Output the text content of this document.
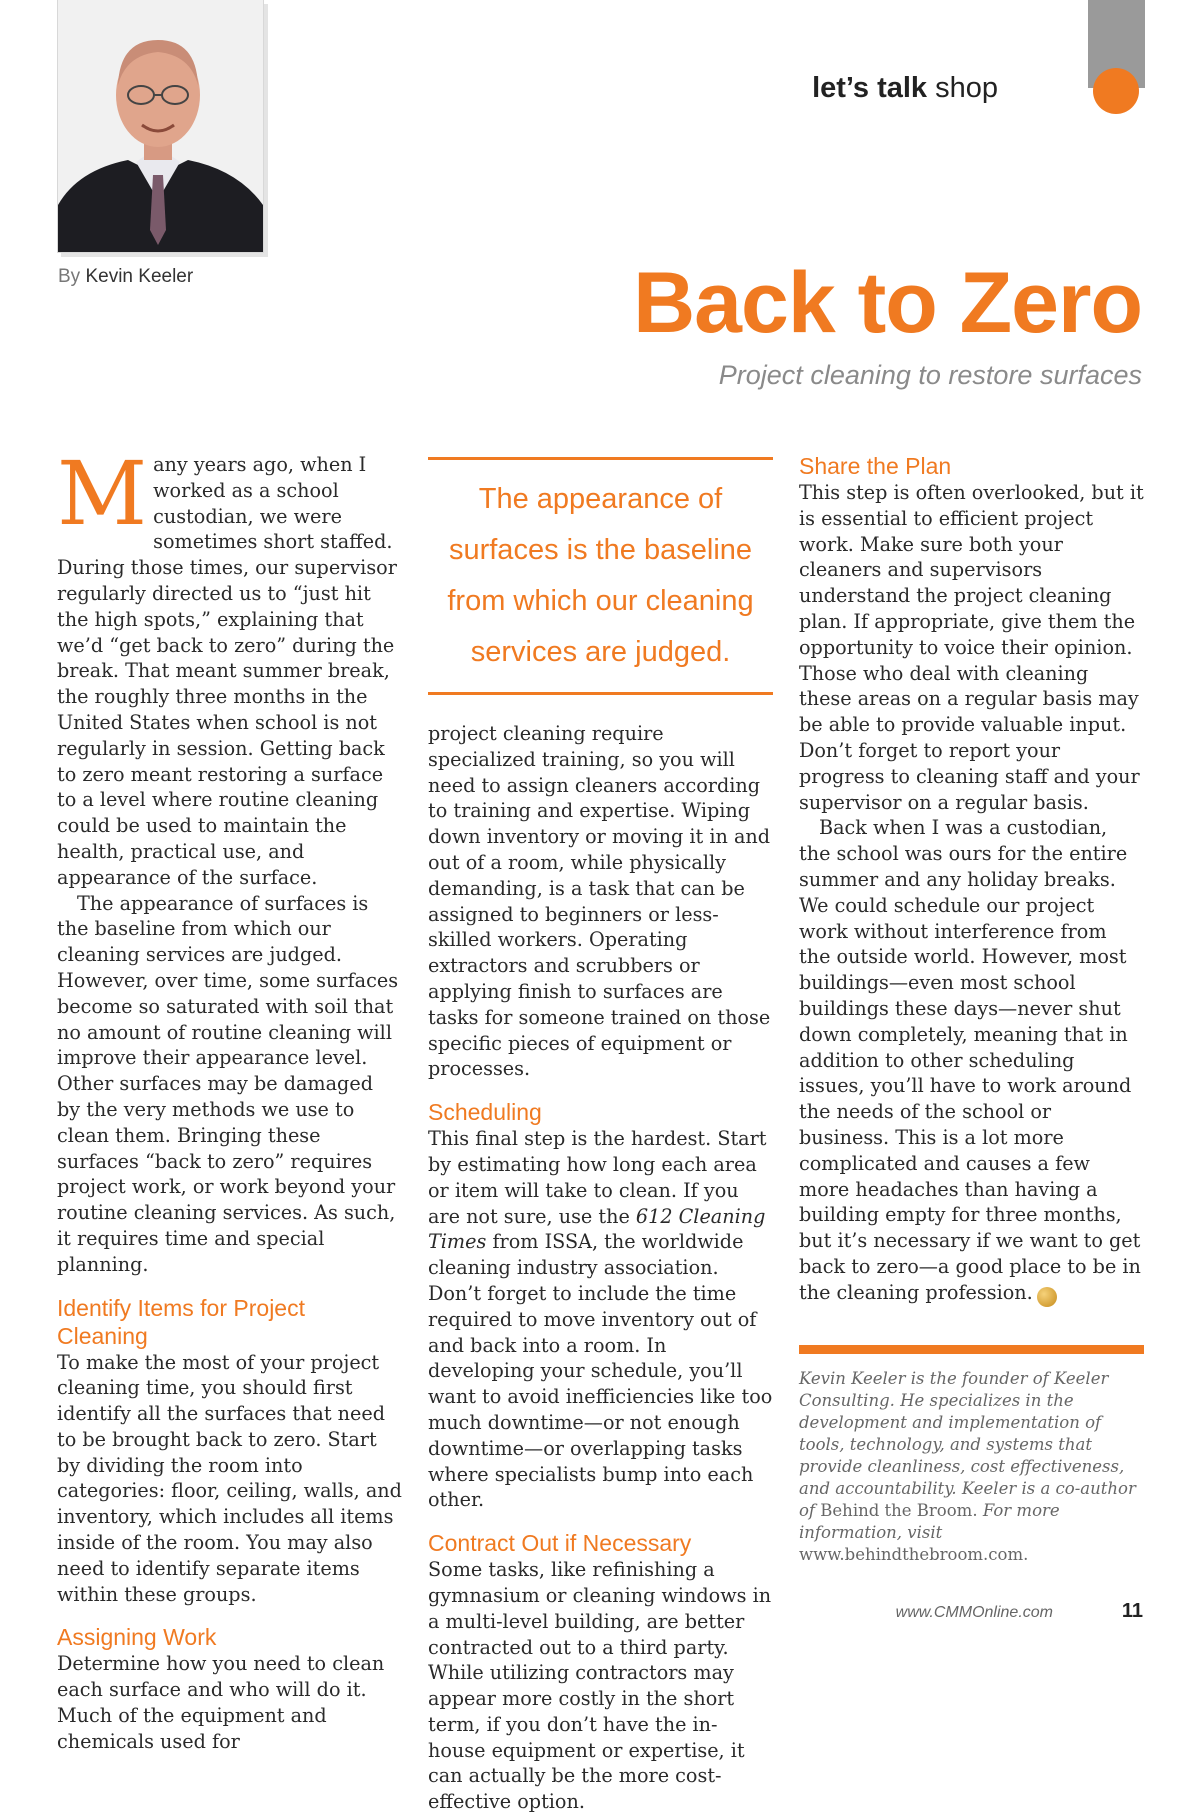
By Kevin Keeler
let’s talk shop
Back to Zero
Project cleaning to restore surfaces

Many years ago, when I worked as a school custodian, we were sometimes short staffed. During those times, our supervisor regularly directed us to “just hit the high spots,” explaining that we’d “get back to zero” during the break. That meant summer break, the roughly three months in the United States when school is not regularly in session. Getting back to zero meant restoring a surface to a level where routine cleaning could be used to maintain the health, practical use, and appearance of the surface.

The appearance of surfaces is the baseline from which our cleaning services are judged. However, over time, some surfaces become so saturated with soil that no amount of routine cleaning will improve their appearance level. Other surfaces may be damaged by the very methods we use to clean them. Bringing these surfaces “back to zero” requires project work, or work beyond your routine cleaning services. As such, it requires time and special planning.

Identify Items for Project Cleaning

To make the most of your project cleaning time, you should first identify all the surfaces that need to be brought back to zero. Start by dividing the room into categories: floor, ceiling, walls, and inventory, which includes all items inside of the room. You may also need to identify separate items within these groups.

Assigning Work

Determine how you need to clean each surface and who will do it. Much of the equipment and chemicals used for

The appearance of surfaces is the baseline from which our cleaning services are judged.

project cleaning require specialized training, so you will need to assign cleaners according to training and expertise. Wiping down inventory or moving it in and out of a room, while physically demanding, is a task that can be assigned to beginners or less-skilled workers. Operating extractors and scrubbers or applying finish to surfaces are tasks for someone trained on those specific pieces of equipment or processes.

Scheduling

This final step is the hardest. Start by estimating how long each area or item will take to clean. If you are not sure, use the 612 Cleaning Times from ISSA, the worldwide cleaning industry association. Don’t forget to include the time required to move inventory out of and back into a room. In developing your schedule, you’ll want to avoid inefficiencies like too much downtime—or not enough downtime—or overlapping tasks where specialists bump into each other.

Contract Out if Necessary

Some tasks, like refinishing a gymnasium or cleaning windows in a multi-level building, are better contracted out to a third party. While utilizing contractors may appear more costly in the short term, if you don’t have the in-house equipment or expertise, it can actually be the more cost-effective option.

Share the Plan

This step is often overlooked, but it is essential to efficient project work. Make sure both your cleaners and supervisors understand the project cleaning plan. If appropriate, give them the opportunity to voice their opinion. Those who deal with cleaning these areas on a regular basis may be able to provide valuable input. Don’t forget to report your progress to cleaning staff and your supervisor on a regular basis.

Back when I was a custodian, the school was ours for the entire summer and any holiday breaks. We could schedule our project work without interference from the outside world. However, most buildings—even most school buildings these days—never shut down completely, meaning that in addition to other scheduling issues, you’ll have to work around the needs of the school or business. This is a lot more complicated and causes a few more headaches than having a building empty for three months, but it’s necessary if we want to get back to zero—a good place to be in the cleaning profession. CM

Kevin Keeler is the founder of Keeler Consulting. He specializes in the development and implementation of tools, technology, and systems that provide cleanliness, cost effectiveness, and accountability. Keeler is a co-author of Behind the Broom. For more information, visit www.behindthebroom.com.

www.CMMOnline.com	11
